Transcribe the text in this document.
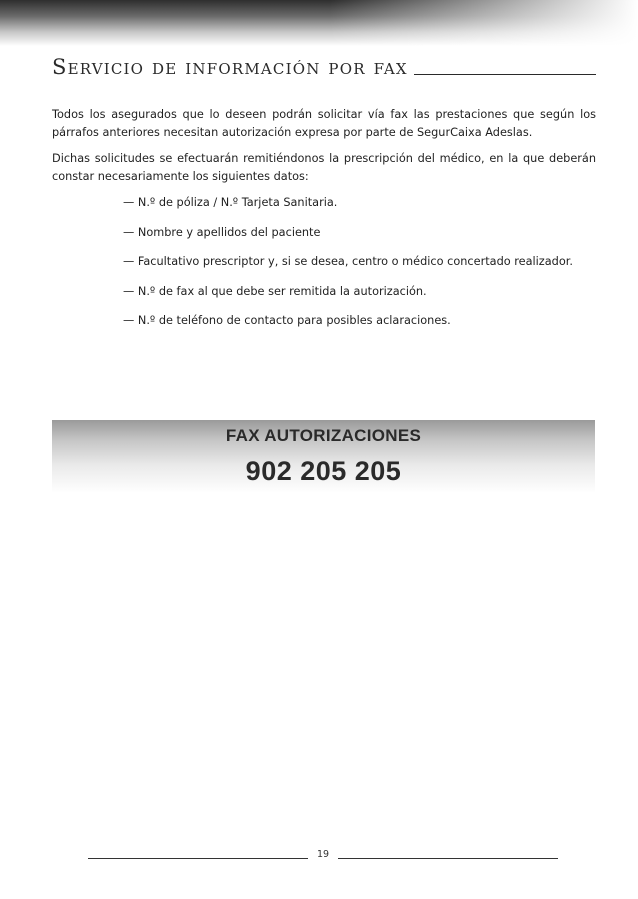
Servicio de información por fax

Todos los asegurados que lo deseen podrán solicitar vía fax las prestaciones que según los párrafos anteriores necesitan autorización expresa por parte de SegurCaixa Adeslas.

Dichas solicitudes se efectuarán remitiéndonos la prescripción del médico, en la que deberán constar necesariamente los siguientes datos:

— N.º de póliza / N.º Tarjeta Sanitaria.
— Nombre y apellidos del paciente
— Facultativo prescriptor y, si se desea, centro o médico concertado realizador.
— N.º de fax al que debe ser remitida la autorización.
— N.º de teléfono de contacto para posibles aclaraciones.
FAX AUTORIZACIONES
902 205 205
19
